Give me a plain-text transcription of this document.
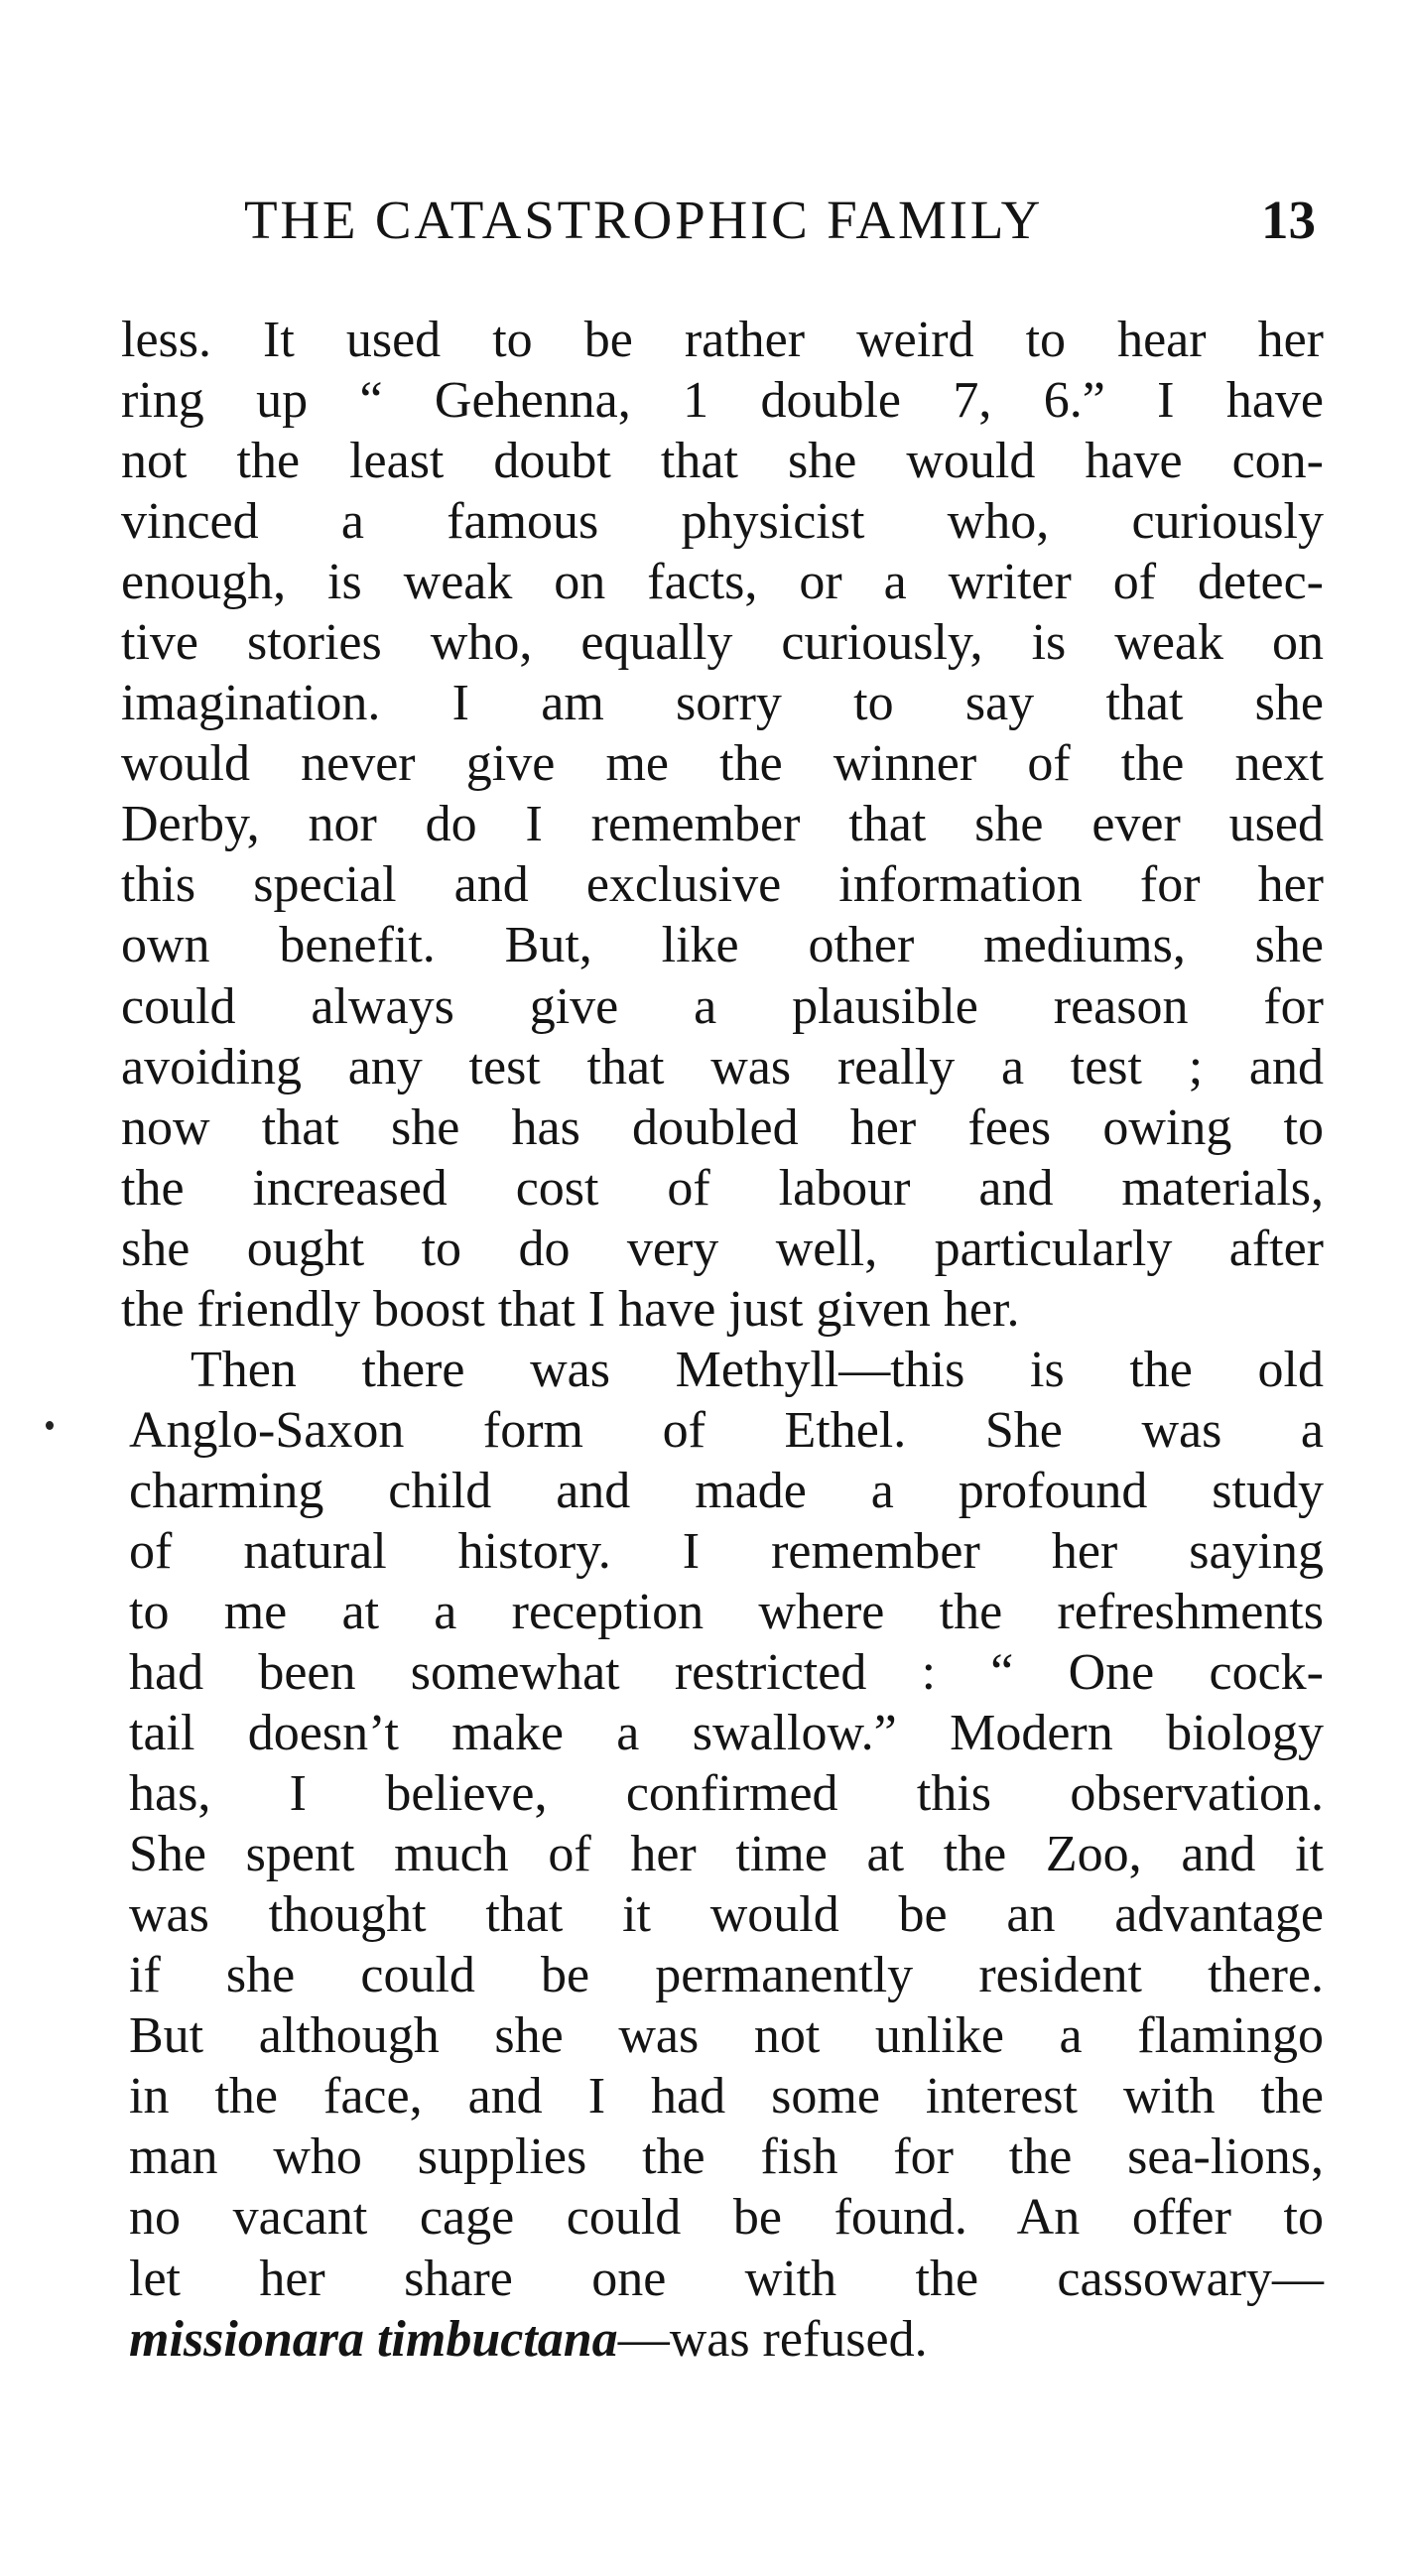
THE CATASTROPHIC FAMILY	13
less. It used to be rather weird to hear her
ring up “ Gehenna, 1 double 7, 6.” I have
not the least doubt that she would have con-
vinced a famous physicist who, curiously
enough, is weak on facts, or a writer of detec-
tive stories who, equally curiously, is weak on
imagination. I am sorry to say that she
would never give me the winner of the next
Derby, nor do I remember that she ever used
this special and exclusive information for her
own benefit. But, like other mediums, she
could always give a plausible reason for
avoiding any test that was really a test ; and
now that she has doubled her fees owing to
the increased cost of labour and materials,
she ought to do very well, particularly after
the friendly boost that I have just given her.
Then there was Methyll—this is the old
Anglo-Saxon form of Ethel. She was a
charming child and made a profound study
of natural history. I remember her saying
to me at a reception where the refreshments
had been somewhat restricted : “ One cock-
tail doesn’t make a swallow.” Modern biology
has, I believe, confirmed this observation.
She spent much of her time at the Zoo, and it
was thought that it would be an advantage
if she could be permanently resident there.
But although she was not unlike a flamingo
in the face, and I had some interest with the
man who supplies the fish for the sea-lions,
no vacant cage could be found. An offer to
let her share one with the cassowary—
missionara timbuctana—was refused.
